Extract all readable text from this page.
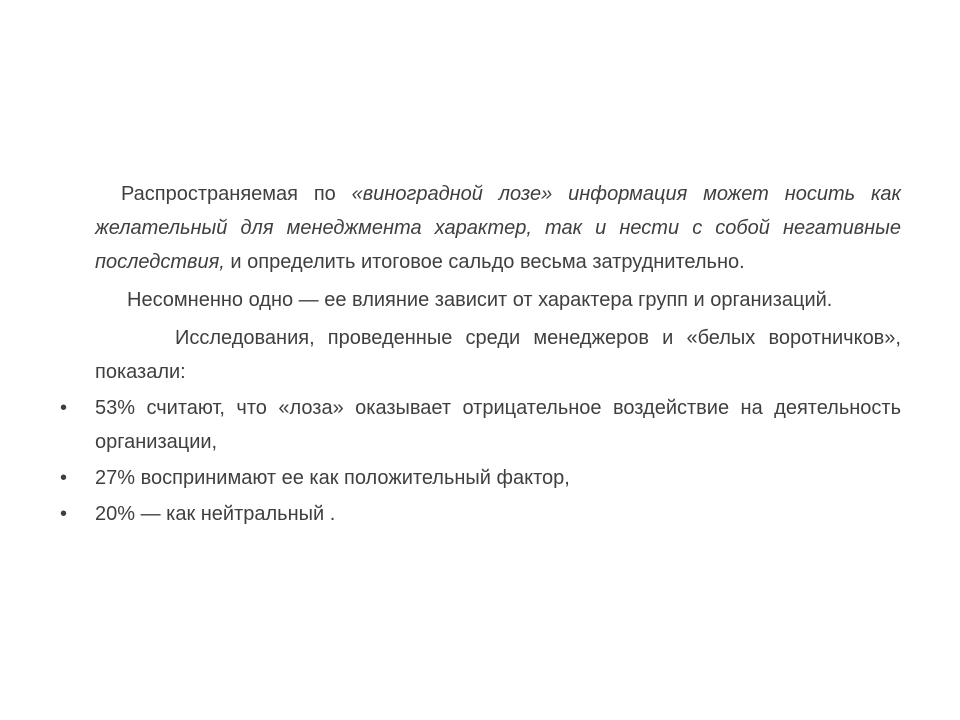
Распространяемая по «виноградной лозе» информация может носить как желательный для менеджмента характер, так и нести с собой негативные последствия, и определить итоговое сальдо весьма затруднительно.

Несомненно одно — ее влияние зависит от характера групп и организаций.

Исследования, проведенные среди менеджеров и «белых воротничков», показали:

• 53% считают, что «лоза» оказывает отрицательное воздействие на деятельность организации,
• 27% воспринимают ее как положительный фактор,
• 20% — как нейтральный .
